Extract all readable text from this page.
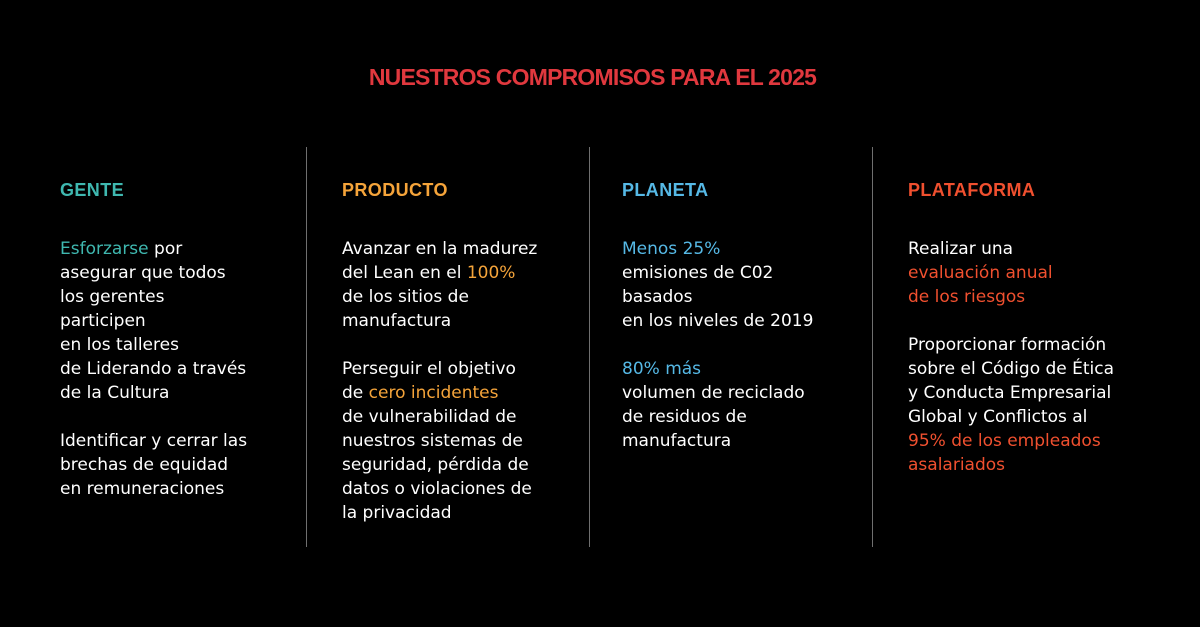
NUESTROS COMPROMISOS PARA EL 2025
GENTE
Esforzarse por
asegurar que todos
los gerentes
participen
en los talleres
de Liderando a través
de la Cultura
Identificar y cerrar las
brechas de equidad
en remuneraciones
PRODUCTO
Avanzar en la madurez
del Lean en el 100%
de los sitios de
manufactura
Perseguir el objetivo
de cero incidentes
de vulnerabilidad de
nuestros sistemas de
seguridad, pérdida de
datos o violaciones de
la privacidad
PLANETA
Menos 25%
emisiones de C02
basados
en los niveles de 2019
80% más
volumen de reciclado
de residuos de
manufactura
PLATAFORMA
Realizar una
evaluación anual
de los riesgos
Proporcionar formación
sobre el Código de Ética
y Conducta Empresarial
Global y Conflictos al
95% de los empleados
asalariados
